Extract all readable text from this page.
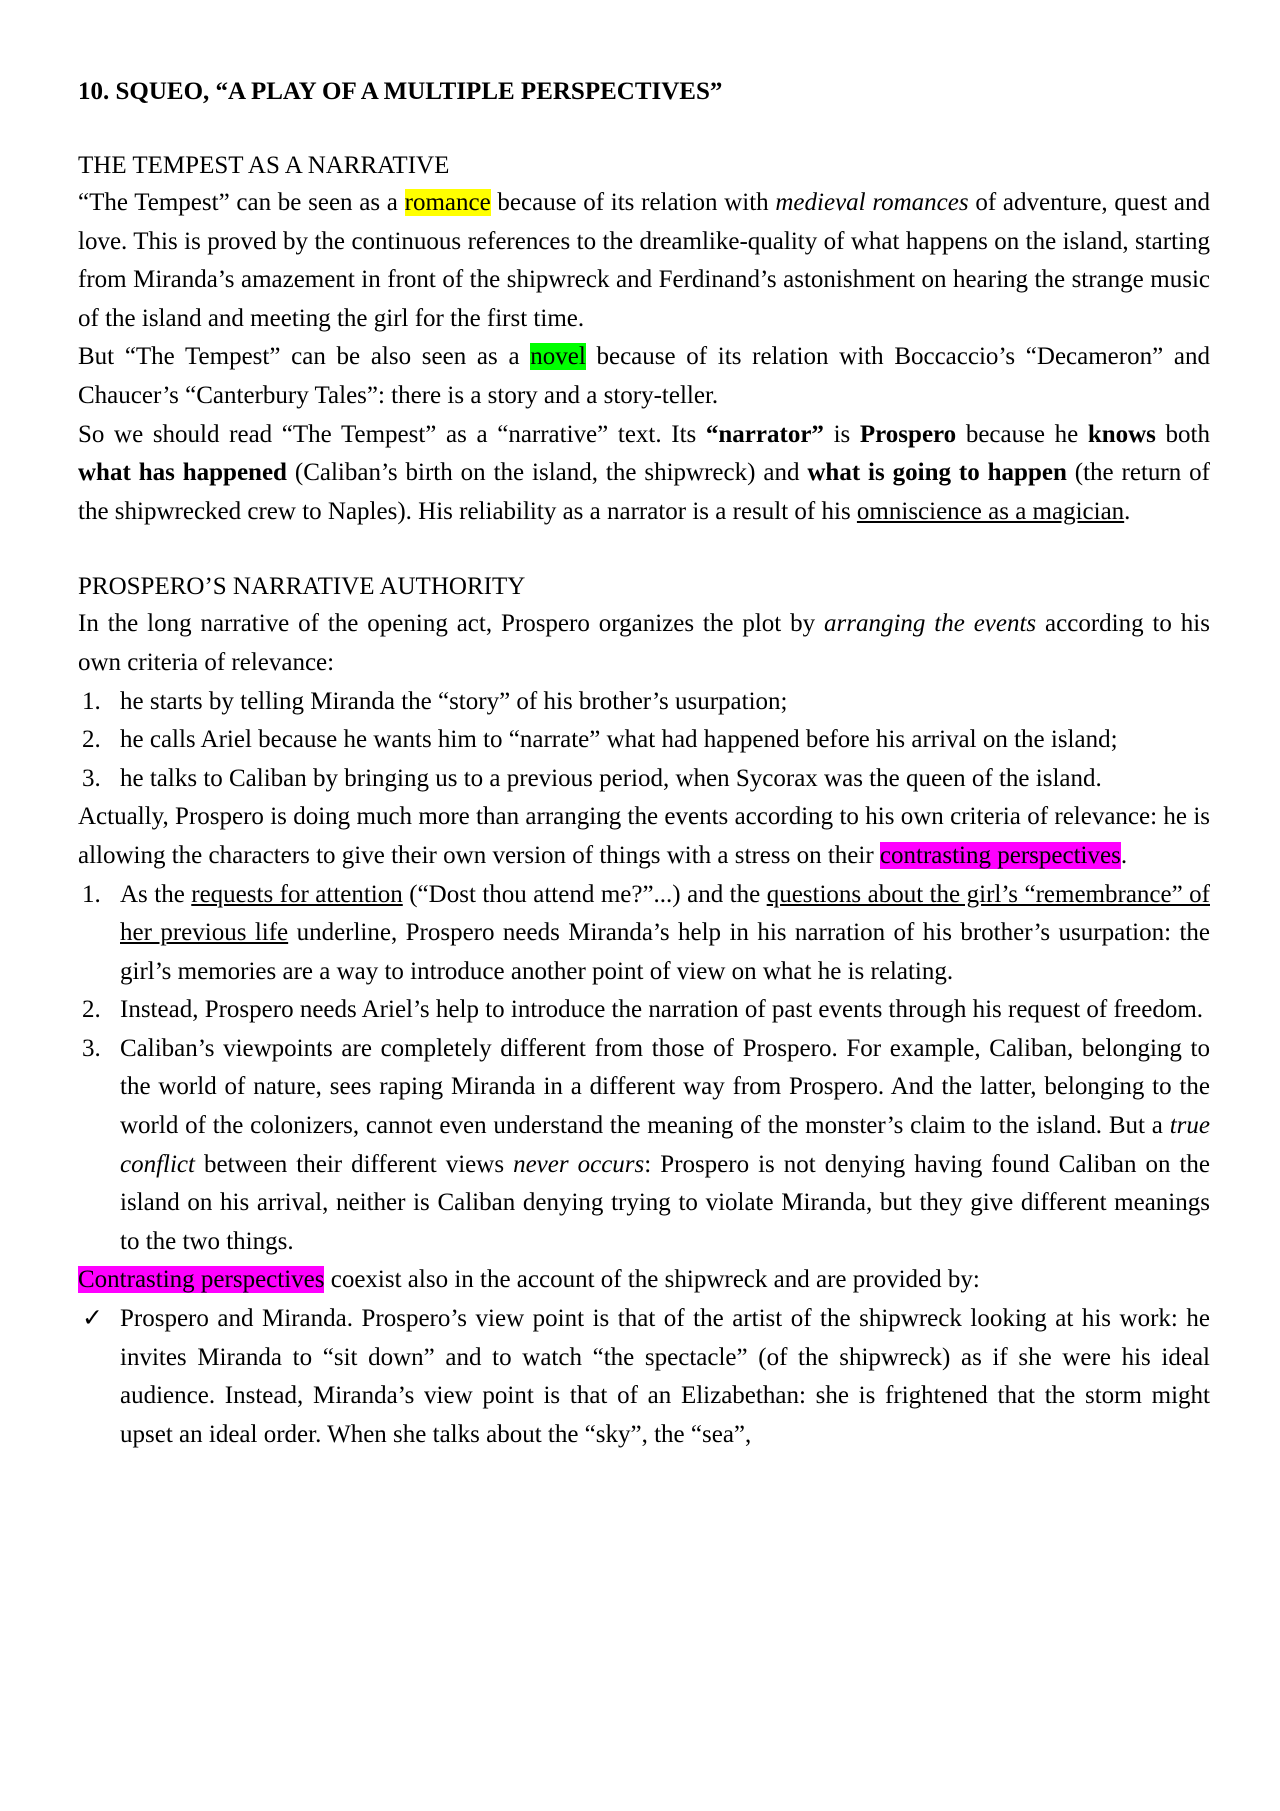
10. SQUEO, “A PLAY OF A MULTIPLE PERSPECTIVES”
THE TEMPEST AS A NARRATIVE

“The Tempest” can be seen as a romance because of its relation with medieval romances of adventure, quest and love. This is proved by the continuous references to the dreamlike-quality of what happens on the island, starting from Miranda’s amazement in front of the shipwreck and Ferdinand’s astonishment on hearing the strange music of the island and meeting the girl for the first time.

But “The Tempest” can be also seen as a novel because of its relation with Boccaccio’s “Decameron” and Chaucer’s “Canterbury Tales”: there is a story and a story-teller.

So we should read “The Tempest” as a “narrative” text. Its “narrator” is Prospero because he knows both what has happened (Caliban’s birth on the island, the shipwreck) and what is going to happen (the return of the shipwrecked crew to Naples). His reliability as a narrator is a result of his omniscience as a magician.

PROSPERO’S NARRATIVE AUTHORITY

In the long narrative of the opening act, Prospero organizes the plot by arranging the events according to his own criteria of relevance:

1. he starts by telling Miranda the “story” of his brother’s usurpation;
2. he calls Ariel because he wants him to “narrate” what had happened before his arrival on the island;
3. he talks to Caliban by bringing us to a previous period, when Sycorax was the queen of the island.

Actually, Prospero is doing much more than arranging the events according to his own criteria of relevance: he is allowing the characters to give their own version of things with a stress on their contrasting perspectives.

1. As the requests for attention (“Dost thou attend me?”...) and the questions about the girl’s “remembrance” of her previous life underline, Prospero needs Miranda’s help in his narration of his brother’s usurpation: the girl’s memories are a way to introduce another point of view on what he is relating.
2. Instead, Prospero needs Ariel’s help to introduce the narration of past events through his request of freedom.
3. Caliban’s viewpoints are completely different from those of Prospero. For example, Caliban, belonging to the world of nature, sees raping Miranda in a different way from Prospero. And the latter, belonging to the world of the colonizers, cannot even understand the meaning of the monster’s claim to the island. But a true conflict between their different views never occurs: Prospero is not denying having found Caliban on the island on his arrival, neither is Caliban denying trying to violate Miranda, but they give different meanings to the two things.

Contrasting perspectives coexist also in the account of the shipwreck and are provided by:

✓ Prospero and Miranda. Prospero’s view point is that of the artist of the shipwreck looking at his work: he invites Miranda to “sit down” and to watch “the spectacle” (of the shipwreck) as if she were his ideal audience. Instead, Miranda’s view point is that of an Elizabethan: she is frightened that the storm might upset an ideal order. When she talks about the “sky”, the “sea”,
